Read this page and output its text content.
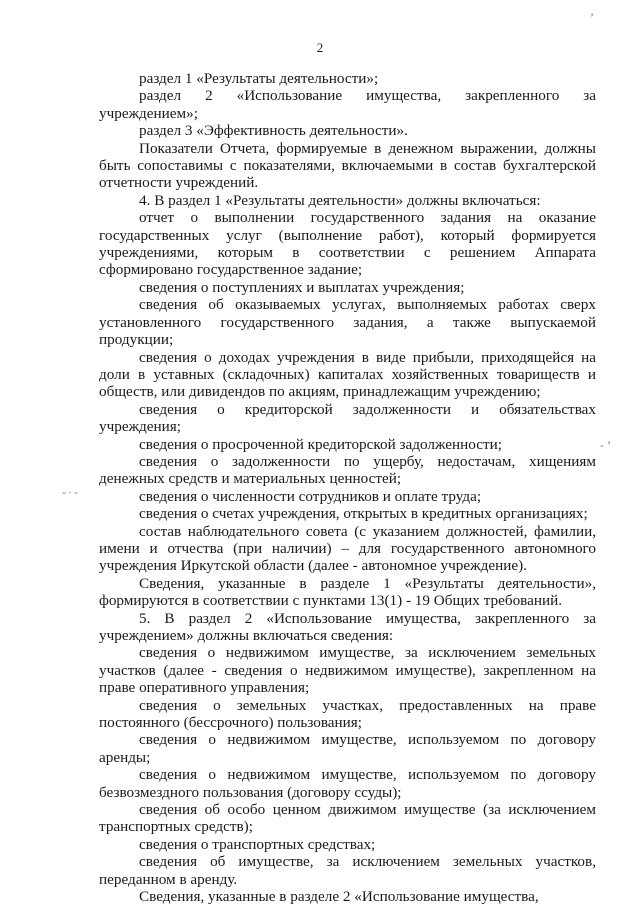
’
- ’
-·-
2

раздел 1 «Результаты деятельности»;

раздел 2 «Использование имущества, закрепленного за учреждением»;

раздел 3 «Эффективность деятельности».

Показатели Отчета, формируемые в денежном выражении, должны быть сопоставимы с показателями, включаемыми в состав бухгалтерской отчетности учреждений.

4. В раздел 1 «Результаты деятельности» должны включаться:

отчет о выполнении государственного задания на оказание государственных услуг (выполнение работ), который формируется учреждениями, которым в соответствии с решением Аппарата сформировано государственное задание;

сведения о поступлениях и выплатах учреждения;

сведения об оказываемых услугах, выполняемых работах сверх установленного государственного задания, а также выпускаемой продукции;

сведения о доходах учреждения в виде прибыли, приходящейся на доли в уставных (складочных) капиталах хозяйственных товариществ и обществ, или дивидендов по акциям, принадлежащим учреждению;

сведения о кредиторской задолженности и обязательствах учреждения;

сведения о просроченной кредиторской задолженности;

сведения о задолженности по ущербу, недостачам, хищениям денежных средств и материальных ценностей;

сведения о численности сотрудников и оплате труда;

сведения о счетах учреждения, открытых в кредитных организациях;

состав наблюдательного совета (с указанием должностей, фамилии, имени и отчества (при наличии) – для государственного автономного учреждения Иркутской области (далее - автономное учреждение).

Сведения, указанные в разделе 1 «Результаты деятельности», формируются в соответствии с пунктами 13(1) - 19 Общих требований.

5. В раздел 2 «Использование имущества, закрепленного за учреждением» должны включаться сведения:

сведения о недвижимом имуществе, за исключением земельных участков (далее - сведения о недвижимом имуществе), закрепленном на праве оперативного управления;

сведения о земельных участках, предоставленных на праве постоянного (бессрочного) пользования;

сведения о недвижимом имуществе, используемом по договору аренды;

сведения о недвижимом имуществе, используемом по договору безвозмездного пользования (договору ссуды);

сведения об особо ценном движимом имуществе (за исключением транспортных средств);

сведения о транспортных средствах;

сведения об имуществе, за исключением земельных участков, переданном в аренду.

Сведения, указанные в разделе 2 «Использование имущества,
